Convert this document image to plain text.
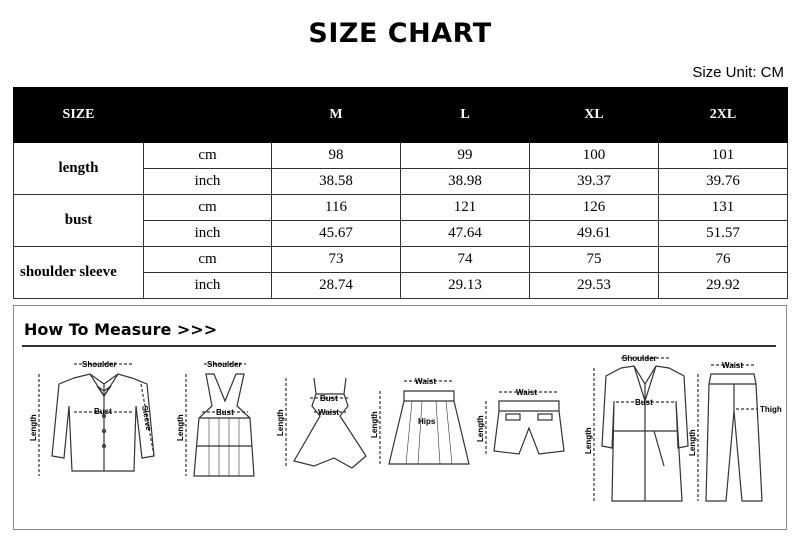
SIZE CHART
Size Unit: CM
SIZE		M	L	XL	2XL
length	cm	98	99	100	101
	inch	38.58	38.98	39.37	39.76
bust	cm	116	121	126	131
	inch	45.67	47.64	49.61	51.57
shoulder sleeve	cm	73	74	75	76
	inch	28.74	29.13	29.53	29.92
How To Measure >>>
Shoulder
Bust
Length	Sleeve
Shoulder
Bust
Length
Bust
Waist
Length
Waist
Hips
Length
Waist
Length
Shoulder
Bust
Length
Waist
Thigh
Length
